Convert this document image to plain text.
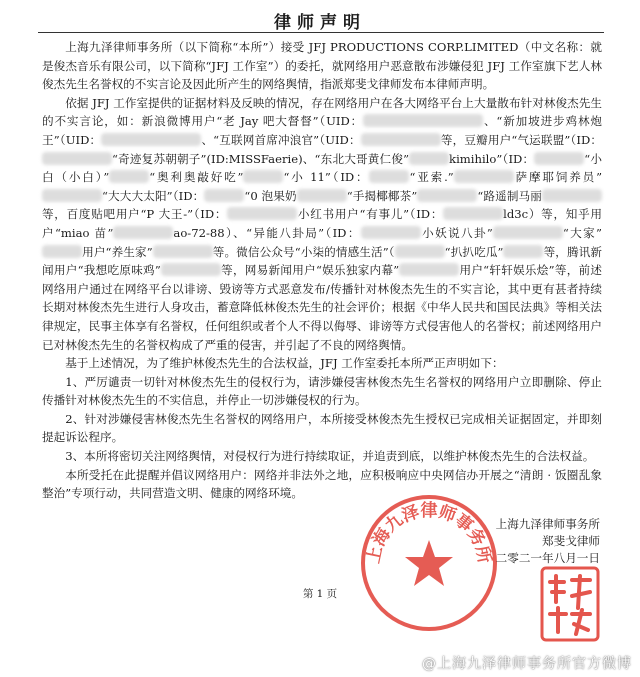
律师声明

上海九泽律师事务所（以下简称“本所”）接受 JFJ PRODUCTIONS CORP.LIMITED（中文名称：就是俊杰音乐有限公司，以下简称“JFJ 工作室”）的委托，就网络用户恶意散布涉嫌侵犯 JFJ 工作室旗下艺人林俊杰先生名誉权的不实言论及因此所产生的网络舆情，指派郑斐戈律师发布本律师声明。

依据 JFJ 工作室提供的证据材料及反映的情况，存在网络用户在各大网络平台上大量散布针对林俊杰先生的不实言论，如：新浪微博用户“老 Jay 吧大督督”（UID：	、“新加坡进步鸡林炮王”（UID：	、“互联网首席冲浪官”（UID：	等，豆瓣用户“气运联盟”（ID：“奇迹复苏朝朝子”(ID:MISSFaerie)、“东北大哥黄仁俊”	kimihilo”（ID：	“小白（小白）”	“奥利奥敲好吃”	“小 11”（ID：	“亚索.”	萨摩耶饲养员”“大大大太阳”（ID：	“0 泡果奶	“手揭椰椰茶”	“路遥制马丽等，百度贴吧用户“P 大王-”（ID：	小红书用户“有事儿”（ID：	ld3c）等，知乎用户“miao 苗”	ao-72-88）、“异能八卦局”（ID：	小妖说八卦”	“大家”用户“养生家”	等。微信公众号“小柒的情感生活”（	“扒扒吃瓜”	等，腾讯新闻用户“我想吃原味鸡”	等，网易新闻用户“娱乐独家内幕”	用户“轩轩娱乐烩”等，前述网络用户通过在网络平台以诽谤、毁谤等方式恶意发布/传播针对林俊杰先生的不实言论，其中更有甚者持续长期对林俊杰先生进行人身攻击，蓄意降低林俊杰先生的社会评价；根据《中华人民共和国民法典》等相关法律规定，民事主体享有名誉权，任何组织或者个人不得以侮辱、诽谤等方式侵害他人的名誉权；前述网络用户已对林俊杰先生的名誉权构成了严重的侵害，并引起了不良的网络舆情。

基于上述情况，为了维护林俊杰先生的合法权益，JFJ 工作室委托本所严正声明如下：

1、严厉谴责一切针对林俊杰先生的侵权行为，请涉嫌侵害林俊杰先生名誉权的网络用户立即删除、停止传播针对林俊杰先生的不实信息，并停止一切涉嫌侵权的行为。

2、针对涉嫌侵害林俊杰先生名誉权的网络用户，本所接受林俊杰先生授权已完成相关证据固定，并即刻提起诉讼程序。

3、本所将密切关注网络舆情，对侵权行为进行持续取证，并追责到底，以维护林俊杰先生的合法权益。

本所受托在此提醒并倡议网络用户：网络并非法外之地，应积极响应中央网信办开展之“清朗 · 饭圈乱象整治”专项行动，共同营造文明、健康的网络环境。

上海九泽律师事务所
上海九泽律师事务所
郑斐戈律师
二零二一年八月一日
第 1 页
@上海九泽律师事务所官方微博
